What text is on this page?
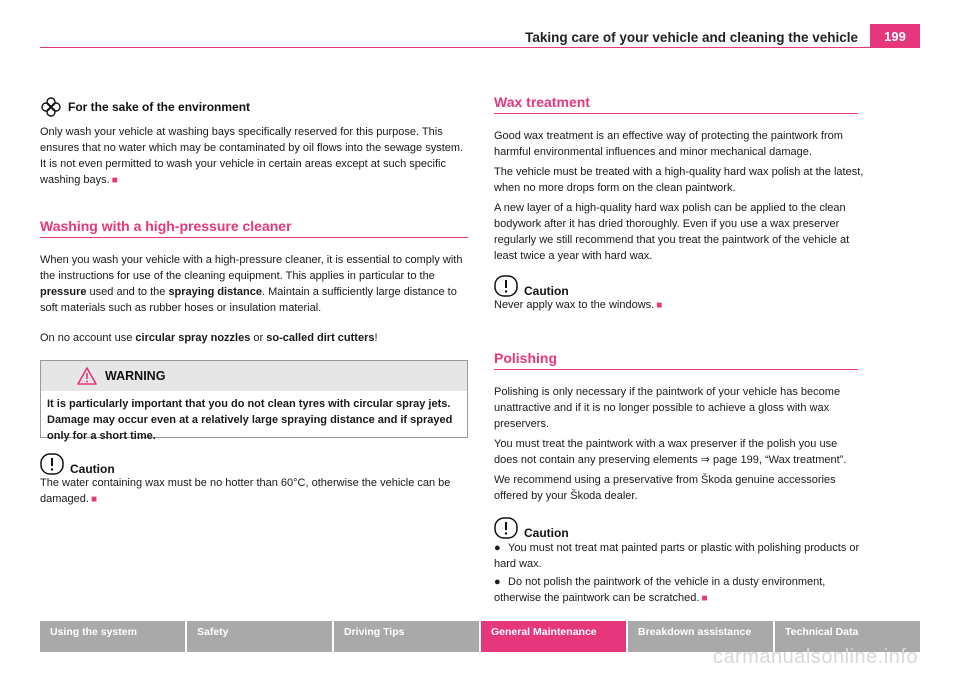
Taking care of your vehicle and cleaning the vehicle	199
For the sake of the environment

Only wash your vehicle at washing bays specifically reserved for this purpose. This ensures that no water which may be contaminated by oil flows into the sewage system. It is not even permitted to wash your vehicle in certain areas except at such specific washing bays. ■

Washing with a high-pressure cleaner

When you wash your vehicle with a high-pressure cleaner, it is essential to comply with the instructions for use of the cleaning equipment. This applies in particular to the pressure used and to the spraying distance. Maintain a sufficiently large distance to soft materials such as rubber hoses or insulation material.

On no account use circular spray nozzles or so-called dirt cutters!

WARNING
It is particularly important that you do not clean tyres with circular spray jets. Damage may occur even at a relatively large spraying distance and if sprayed only for a short time.
Caution

The water containing wax must be no hotter than 60°C, otherwise the vehicle can be damaged. ■

Wax treatment

Good wax treatment is an effective way of protecting the paintwork from harmful environmental influences and minor mechanical damage.

The vehicle must be treated with a high-quality hard wax polish at the latest, when no more drops form on the clean paintwork.

A new layer of a high-quality hard wax polish can be applied to the clean bodywork after it has dried thoroughly. Even if you use a wax preserver regularly we still recommend that you treat the paintwork of the vehicle at least twice a year with hard wax.

Caution

Never apply wax to the windows. ■

Polishing

Polishing is only necessary if the paintwork of your vehicle has become unattractive and if it is no longer possible to achieve a gloss with wax preservers.

You must treat the paintwork with a wax preserver if the polish you use does not contain any preserving elements ⇒ page 199, “Wax treatment”.

We recommend using a preservative from Škoda genuine accessories offered by your Škoda dealer.

Caution

● You must not treat mat painted parts or plastic with polishing products or hard wax.

● Do not polish the paintwork of the vehicle in a dusty environment, otherwise the paintwork can be scratched. ■

Using the system	Safety	Driving Tips	General Maintenance	Breakdown assistance	Technical Data
carmanualsonline.info
